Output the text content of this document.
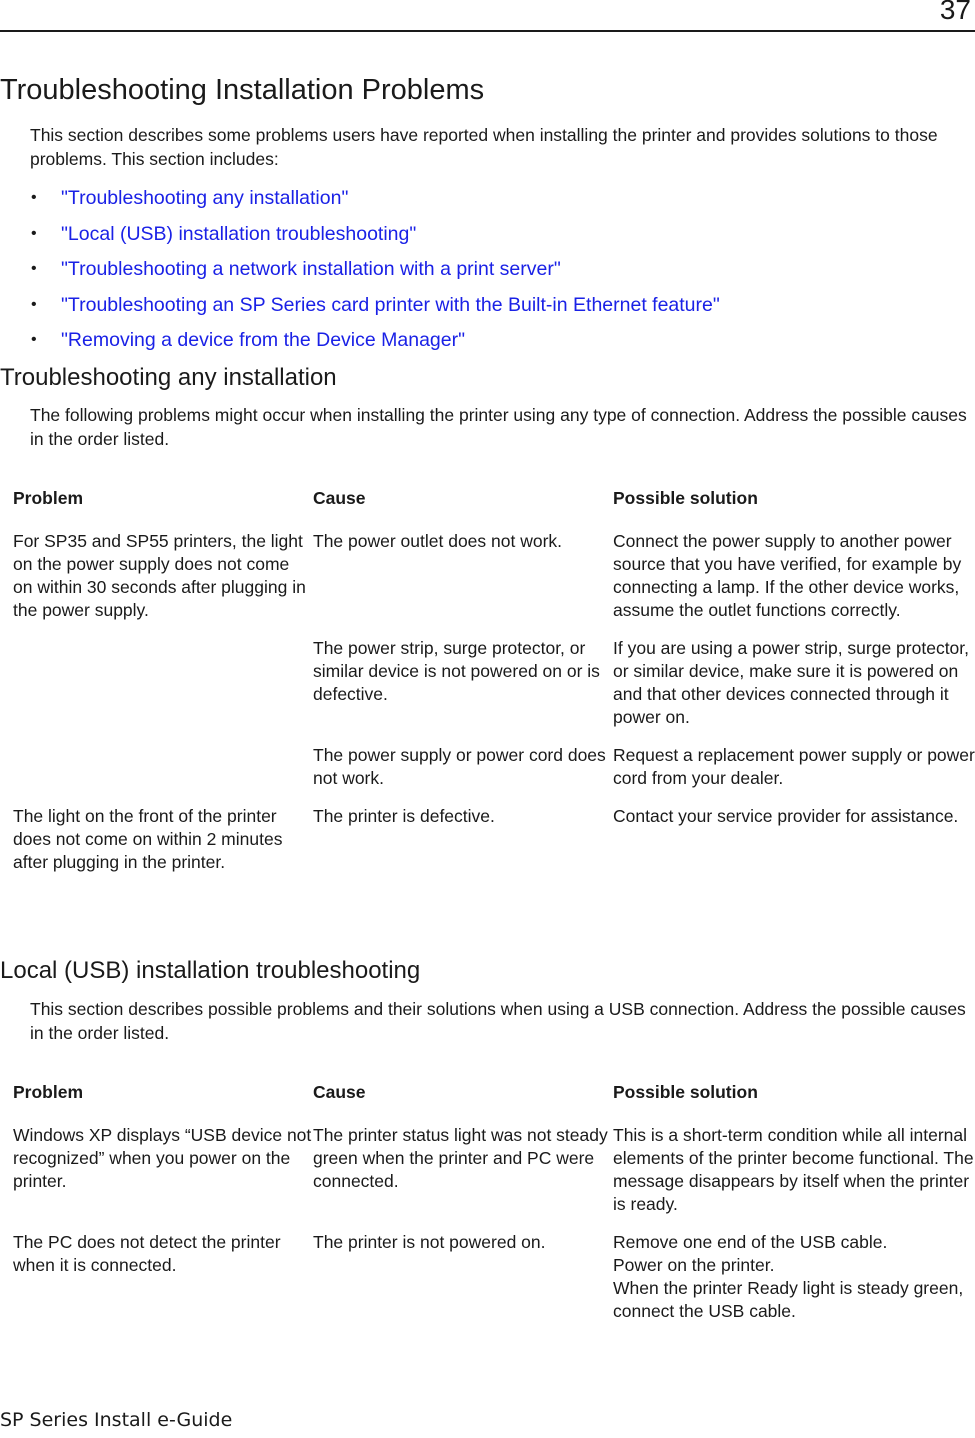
37
Troubleshooting Installation Problems

This section describes some problems users have reported when installing the printer and provides solutions to those problems. This section includes:

• "Troubleshooting any installation"
• "Local (USB) installation troubleshooting"
• "Troubleshooting a network installation with a print server"
• "Troubleshooting an SP Series card printer with the Built-in Ethernet feature"
• "Removing a device from the Device Manager"
Troubleshooting any installation

The following problems might occur when installing the printer using any type of connection. Address the possible causes in the order listed.

Problem	Cause	Possible solution
For SP35 and SP55 printers, the light on the power supply does not come on within 30 seconds after plugging in the power supply.	The power outlet does not work.	Connect the power supply to another power source that you have verified, for example by connecting a lamp. If the other device works, assume the outlet functions correctly.
	The power strip, surge protector, or similar device is not powered on or is defective.	If you are using a power strip, surge protector, or similar device, make sure it is powered on and that other devices connected through it power on.
	The power supply or power cord does not work.	Request a replacement power supply or power cord from your dealer.
The light on the front of the printer does not come on within 2 minutes after plugging in the printer.	The printer is defective.	Contact your service provider for assistance.
Local (USB) installation troubleshooting

This section describes possible problems and their solutions when using a USB connection. Address the possible causes in the order listed.

Problem	Cause	Possible solution
Windows XP displays “USB device not recognized” when you power on the printer.	The printer status light was not steady green when the printer and PC were connected.	This is a short-term condition while all internal elements of the printer become functional. The message disappears by itself when the printer is ready.
The PC does not detect the printer when it is connected.	The printer is not powered on.	Remove one end of the USB cable.
Power on the printer.
When the printer Ready light is steady green, connect the USB cable.
SP Series Install e-Guide
